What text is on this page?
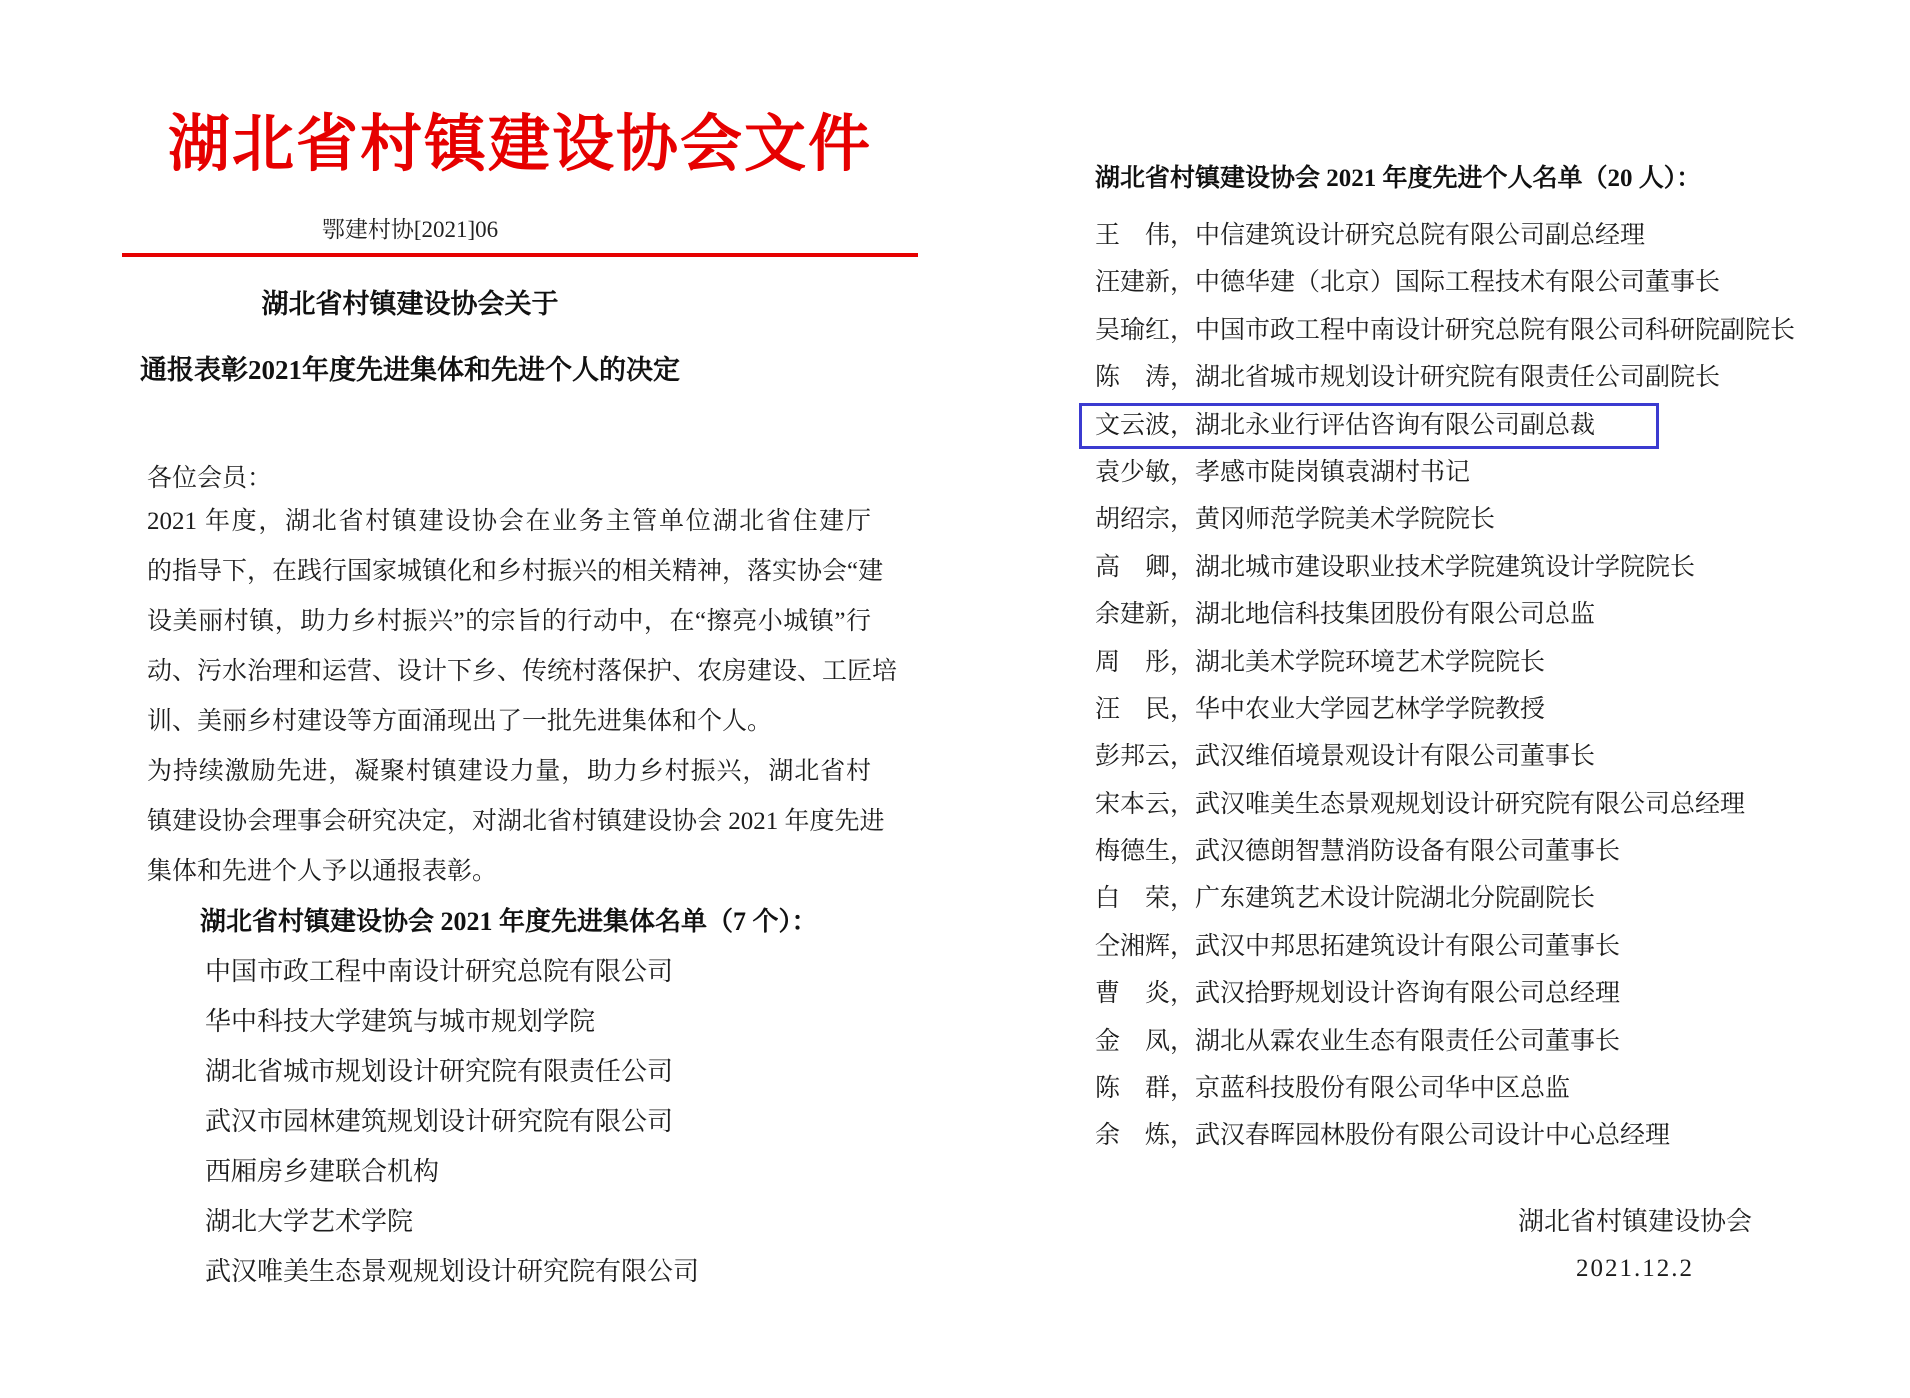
湖北省村镇建设协会文件
鄂建村协[2021]06
湖北省村镇建设协会关于
通报表彰2021年度先进集体和先进个人的决定
各位会员：
2021 年度，湖北省村镇建设协会在业务主管单位湖北省住建厅
的指导下，在践行国家城镇化和乡村振兴的相关精神，落实协会“建
设美丽村镇，助力乡村振兴”的宗旨的行动中，在“擦亮小城镇”行
动、污水治理和运营、设计下乡、传统村落保护、农房建设、工匠培
训、美丽乡村建设等方面涌现出了一批先进集体和个人。
为持续激励先进，凝聚村镇建设力量，助力乡村振兴，湖北省村
镇建设协会理事会研究决定，对湖北省村镇建设协会 2021 年度先进
集体和先进个人予以通报表彰。
湖北省村镇建设协会 2021 年度先进集体名单（7 个）：
中国市政工程中南设计研究总院有限公司
华中科技大学建筑与城市规划学院
湖北省城市规划设计研究院有限责任公司
武汉市园林建筑规划设计研究院有限公司
西厢房乡建联合机构
湖北大学艺术学院
武汉唯美生态景观规划设计研究院有限公司
湖北省村镇建设协会 2021 年度先进个人名单（20 人）：
王　伟，中信建筑设计研究总院有限公司副总经理
汪建新，中德华建（北京）国际工程技术有限公司董事长
吴瑜红，中国市政工程中南设计研究总院有限公司科研院副院长
陈　涛，湖北省城市规划设计研究院有限责任公司副院长
文云波，湖北永业行评估咨询有限公司副总裁
袁少敏，孝感市陡岗镇袁湖村书记
胡绍宗，黄冈师范学院美术学院院长
高　卿，湖北城市建设职业技术学院建筑设计学院院长
余建新，湖北地信科技集团股份有限公司总监
周　彤，湖北美术学院环境艺术学院院长
汪　民，华中农业大学园艺林学学院教授
彭邦云，武汉维佰境景观设计有限公司董事长
宋本云，武汉唯美生态景观规划设计研究院有限公司总经理
梅德生，武汉德朗智慧消防设备有限公司董事长
白　荣，广东建筑艺术设计院湖北分院副院长
仝湘辉，武汉中邦思拓建筑设计有限公司董事长
曹　炎，武汉拾野规划设计咨询有限公司总经理
金　凤，湖北从霖农业生态有限责任公司董事长
陈　群，京蓝科技股份有限公司华中区总监
余　炼，武汉春晖园林股份有限公司设计中心总经理
湖北省村镇建设协会
2021.12.2
